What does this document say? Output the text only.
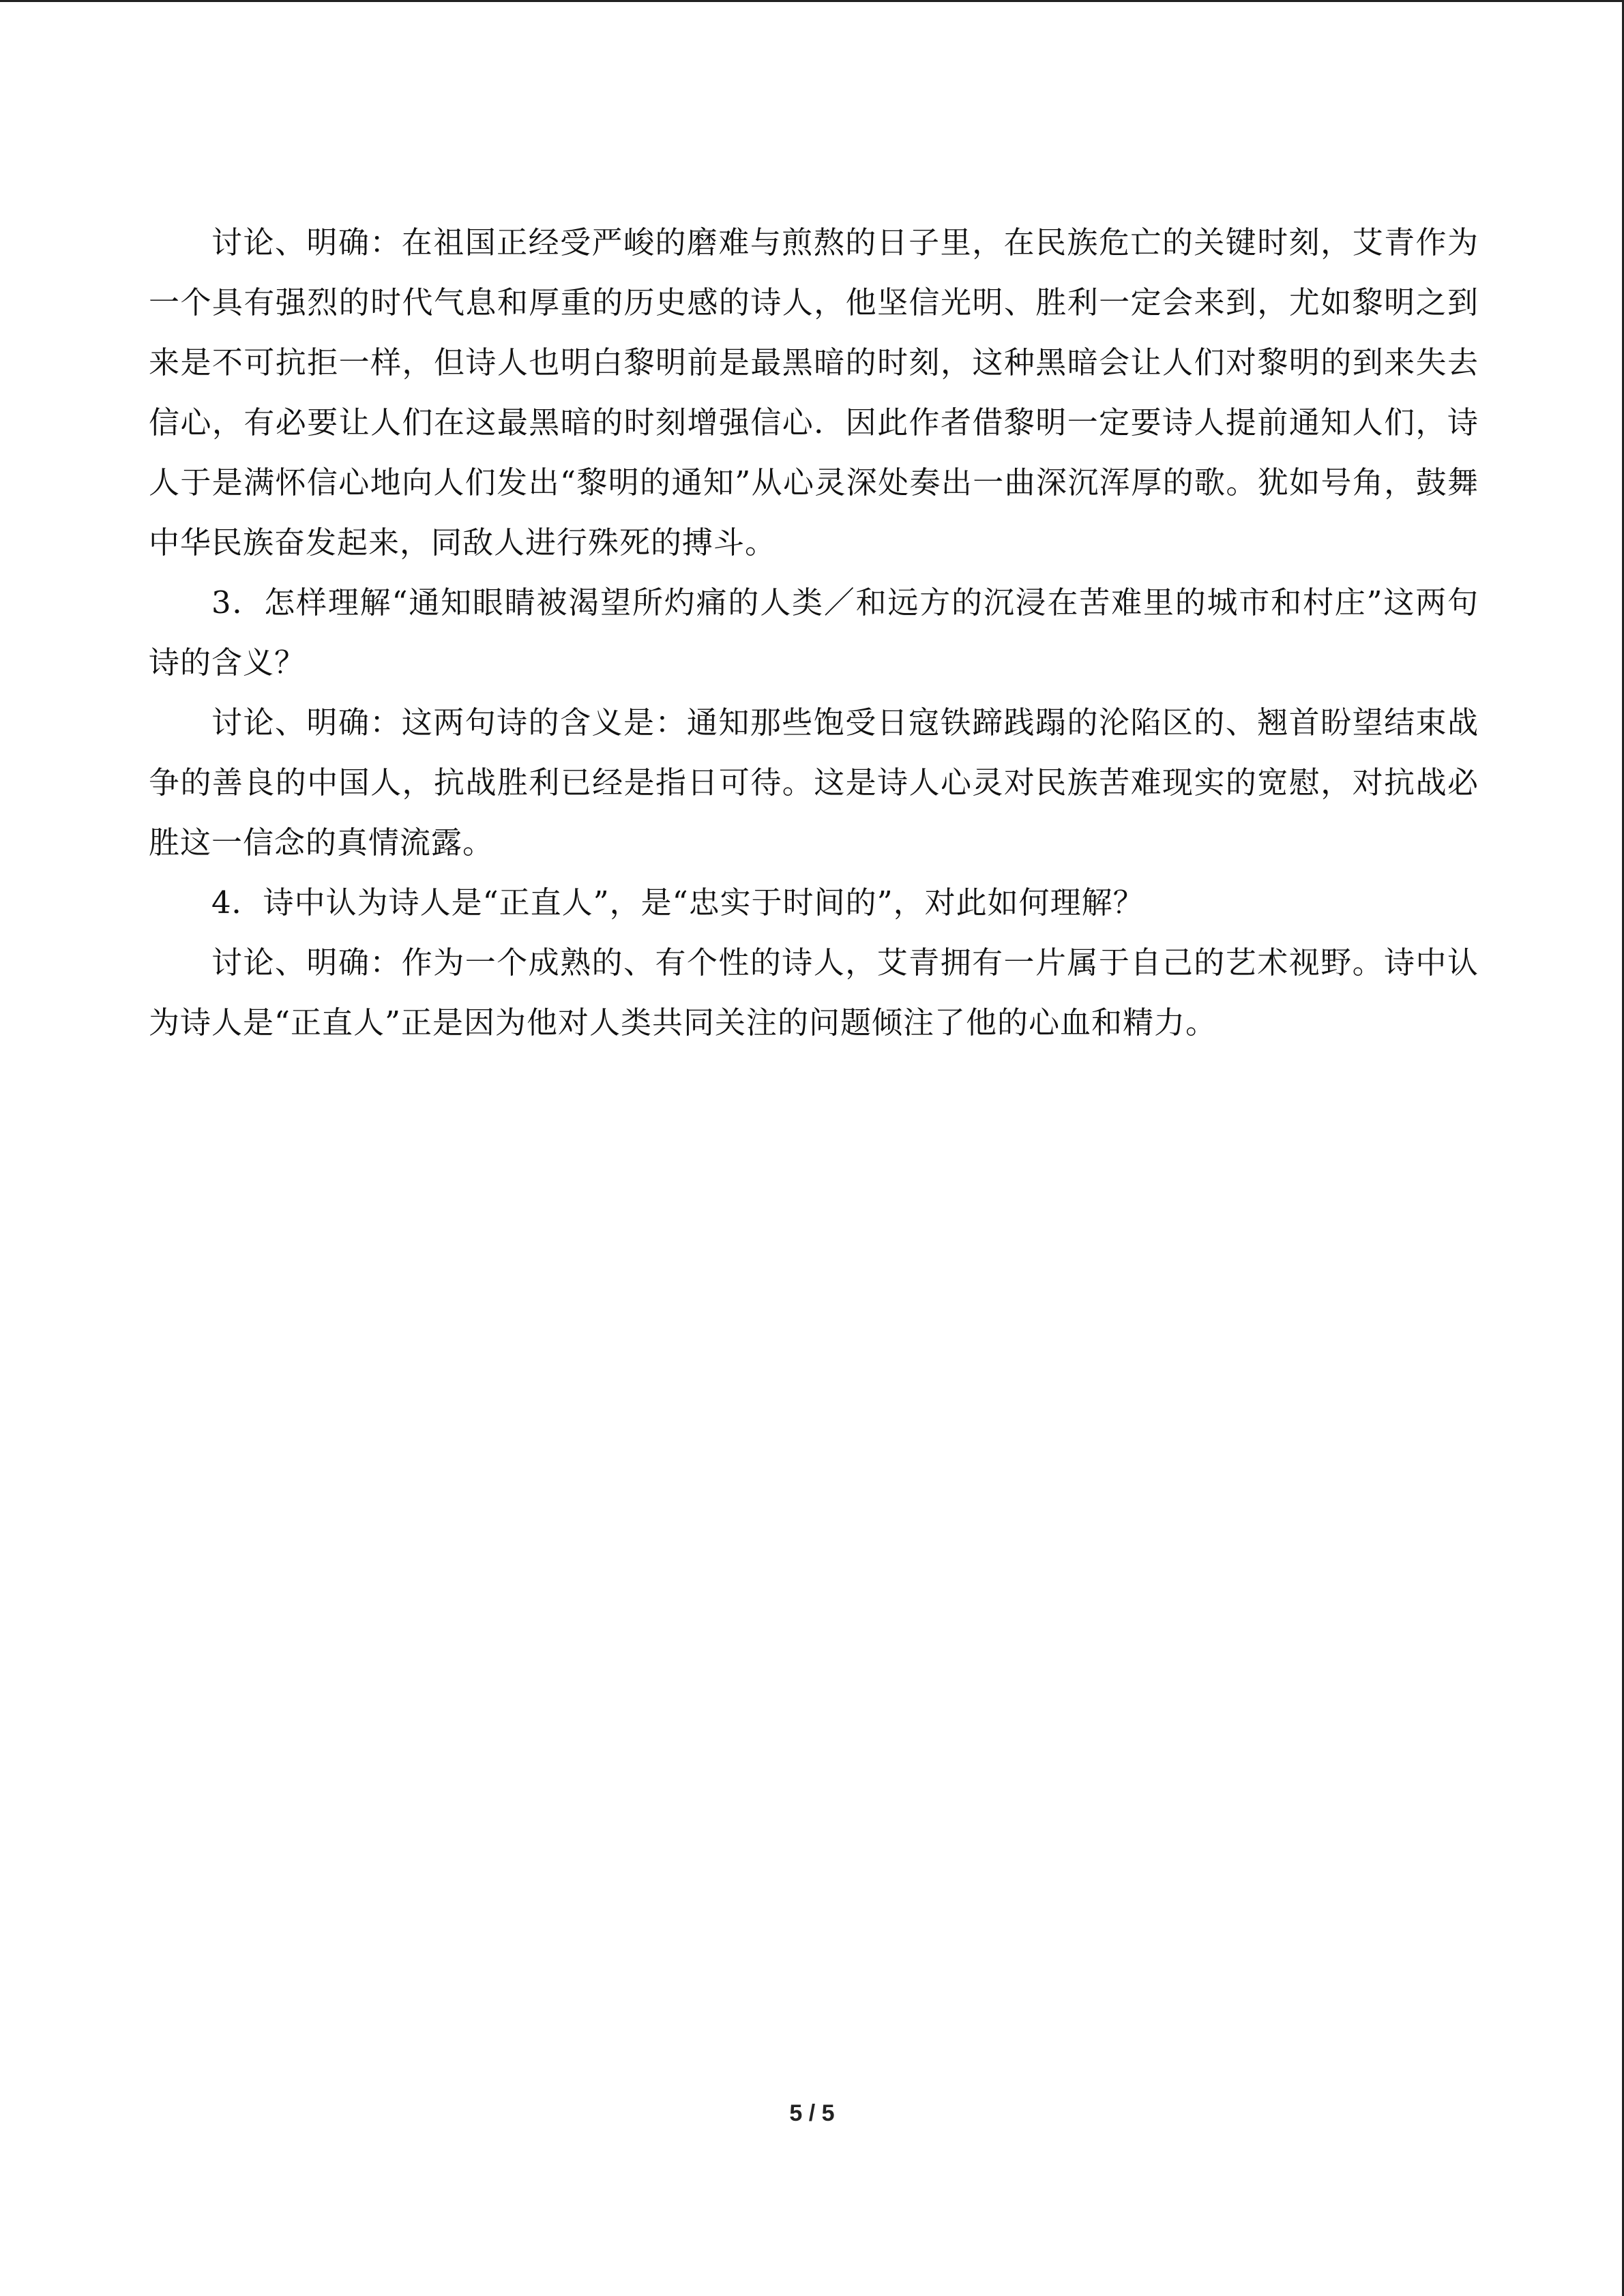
讨论、明确：在祖国正经受严峻的磨难与煎熬的日子里，在民族危亡的关键时刻，艾青作为一个具有强烈的时代气息和厚重的历史感的诗人，他坚信光明、胜利一定会来到，尤如黎明之到来是不可抗拒一样，但诗人也明白黎明前是最黑暗的时刻，这种黑暗会让人们对黎明的到来失去信心，有必要让人们在这最黑暗的时刻增强信心．因此作者借黎明一定要诗人提前通知人们，诗人于是满怀信心地向人们发出“黎明的通知”从心灵深处奏出一曲深沉浑厚的歌。犹如号角，鼓舞中华民族奋发起来，同敌人进行殊死的搏斗。

3．怎样理解“通知眼睛被渴望所灼痛的人类／和远方的沉浸在苦难里的城市和村庄”这两句诗的含义？

讨论、明确：这两句诗的含义是：通知那些饱受日寇铁蹄践蹋的沦陷区的、翘首盼望结束战争的善良的中国人，抗战胜利已经是指日可待。这是诗人心灵对民族苦难现实的宽慰，对抗战必胜这一信念的真情流露。

4．诗中认为诗人是“正直人”，是“忠实于时间的”，对此如何理解？

讨论、明确：作为一个成熟的、有个性的诗人，艾青拥有一片属于自己的艺术视野。诗中认为诗人是“正直人”正是因为他对人类共同关注的问题倾注了他的心血和精力。

5 / 5
